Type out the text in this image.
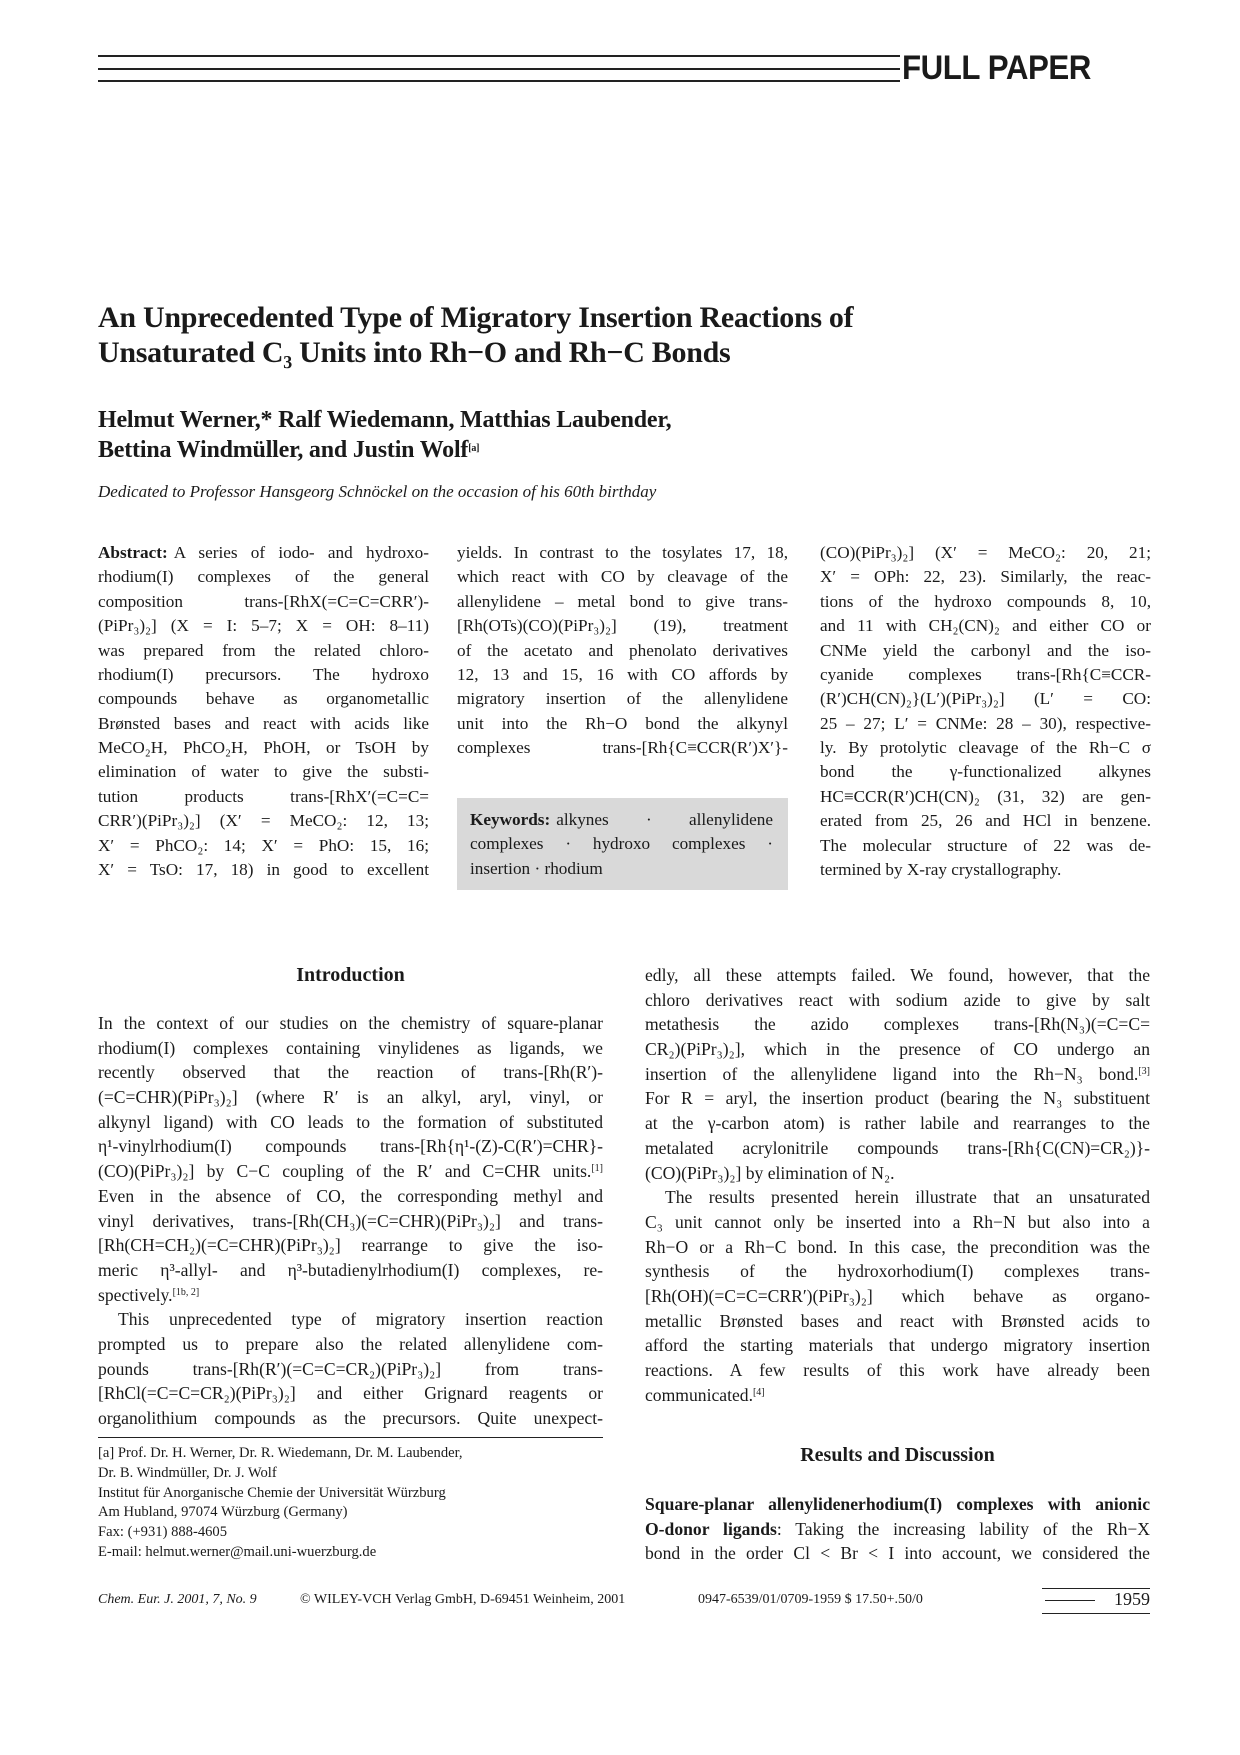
FULL PAPER
An Unprecedented Type of Migratory Insertion Reactions of
Unsaturated C₃ Units into Rh−O and Rh−C Bonds
Helmut Werner,* Ralf Wiedemann, Matthias Laubender,
Bettina Windmüller, and Justin Wolf[a]
Dedicated to Professor Hansgeorg Schnöckel on the occasion of his 60th birthday
Abstract: A series of iodo- and hydroxo-
rhodium(I) complexes of the general
composition trans-[RhX(=C=C=CRR′)-
(PiPr₃)₂] (X = I: 5–7; X = OH: 8–11)
was prepared from the related chloro-
rhodium(I) precursors. The hydroxo
compounds behave as organometallic
Brønsted bases and react with acids like
MeCO₂H, PhCO₂H, PhOH, or TsOH by
elimination of water to give the substi-
tution products trans-[RhX′(=C=C=
CRR′)(PiPr₃)₂] (X′ = MeCO₂: 12, 13;
X′ = PhCO₂: 14; X′ = PhO: 15, 16;
X′ = TsO: 17, 18) in good to excellent
yields. In contrast to the tosylates 17, 18,
which react with CO by cleavage of the
allenylidene – metal bond to give trans-
[Rh(OTs)(CO)(PiPr₃)₂] (19), treatment
of the acetato and phenolato derivatives
12, 13 and 15, 16 with CO affords by
migratory insertion of the allenylidene
unit into the Rh−O bond the alkynyl
complexes trans-[Rh{C≡CCR(R′)X′}-
(CO)(PiPr₃)₂] (X′ = MeCO₂: 20, 21;
X′ = OPh: 22, 23). Similarly, the reac-
tions of the hydroxo compounds 8, 10,
and 11 with CH₂(CN)₂ and either CO or
CNMe yield the carbonyl and the iso-
cyanide complexes trans-[Rh{C≡CCR-
(R′)CH(CN)₂}(L′)(PiPr₃)₂] (L′ = CO:
25 – 27; L′ = CNMe: 28 – 30), respective-
ly. By protolytic cleavage of the Rh−C σ
bond the γ-functionalized alkynes
HC≡CCR(R′)CH(CN)₂ (31, 32) are gen-
erated from 25, 26 and HCl in benzene.
The molecular structure of 22 was de-
termined by X-ray crystallography.
Keywords: alkynes · allenylidene
complexes · hydroxo complexes ·
insertion · rhodium
Introduction
In the context of our studies on the chemistry of square-planar
rhodium(I) complexes containing vinylidenes as ligands, we
recently observed that the reaction of trans-[Rh(R′)-
(=C=CHR)(PiPr₃)₂] (where R′ is an alkyl, aryl, vinyl, or
alkynyl ligand) with CO leads to the formation of substituted
η¹-vinylrhodium(I) compounds trans-[Rh{η¹-(Z)-C(R′)=CHR}-
(CO)(PiPr₃)₂] by C−C coupling of the R′ and C=CHR units.[1]
Even in the absence of CO, the corresponding methyl and
vinyl derivatives, trans-[Rh(CH₃)(=C=CHR)(PiPr₃)₂] and trans-
[Rh(CH=CH₂)(=C=CHR)(PiPr₃)₂] rearrange to give the iso-
meric η³-allyl- and η³-butadienylrhodium(I) complexes, re-
spectively.[1b, 2]
This unprecedented type of migratory insertion reaction
prompted us to prepare also the related allenylidene com-
pounds trans-[Rh(R′)(=C=C=CR₂)(PiPr₃)₂] from trans-
[RhCl(=C=C=CR₂)(PiPr₃)₂] and either Grignard reagents or
organolithium compounds as the precursors. Quite unexpect-
edly, all these attempts failed. We found, however, that the
chloro derivatives react with sodium azide to give by salt
metathesis the azido complexes trans-[Rh(N₃)(=C=C=
CR₂)(PiPr₃)₂], which in the presence of CO undergo an
insertion of the allenylidene ligand into the Rh−N₃ bond.[3]
For R = aryl, the insertion product (bearing the N₃ substituent
at the γ-carbon atom) is rather labile and rearranges to the
metalated acrylonitrile compounds trans-[Rh{C(CN)=CR₂)}-
(CO)(PiPr₃)₂] by elimination of N₂.
The results presented herein illustrate that an unsaturated
C₃ unit cannot only be inserted into a Rh−N but also into a
Rh−O or a Rh−C bond. In this case, the precondition was the
synthesis of the hydroxorhodium(I) complexes trans-
[Rh(OH)(=C=C=CRR′)(PiPr₃)₂] which behave as organo-
metallic Brønsted bases and react with Brønsted acids to
afford the starting materials that undergo migratory insertion
reactions. A few results of this work have already been
communicated.[4]
[a] Prof. Dr. H. Werner, Dr. R. Wiedemann, Dr. M. Laubender,
Dr. B. Windmüller, Dr. J. Wolf
Institut für Anorganische Chemie der Universität Würzburg
Am Hubland, 97074 Würzburg (Germany)
Fax: (+931) 888-4605
E-mail: helmut.werner@mail.uni-wuerzburg.de
Results and Discussion
Square-planar allenylidenerhodium(I) complexes with anionic
O-donor ligands: Taking the increasing lability of the Rh−X
bond in the order Cl < Br < I into account, we considered the
Chem. Eur. J. 2001, 7, No. 9	© WILEY-VCH Verlag GmbH, D-69451 Weinheim, 2001	0947-6539/01/0709-1959 $ 17.50+.50/0	1959
